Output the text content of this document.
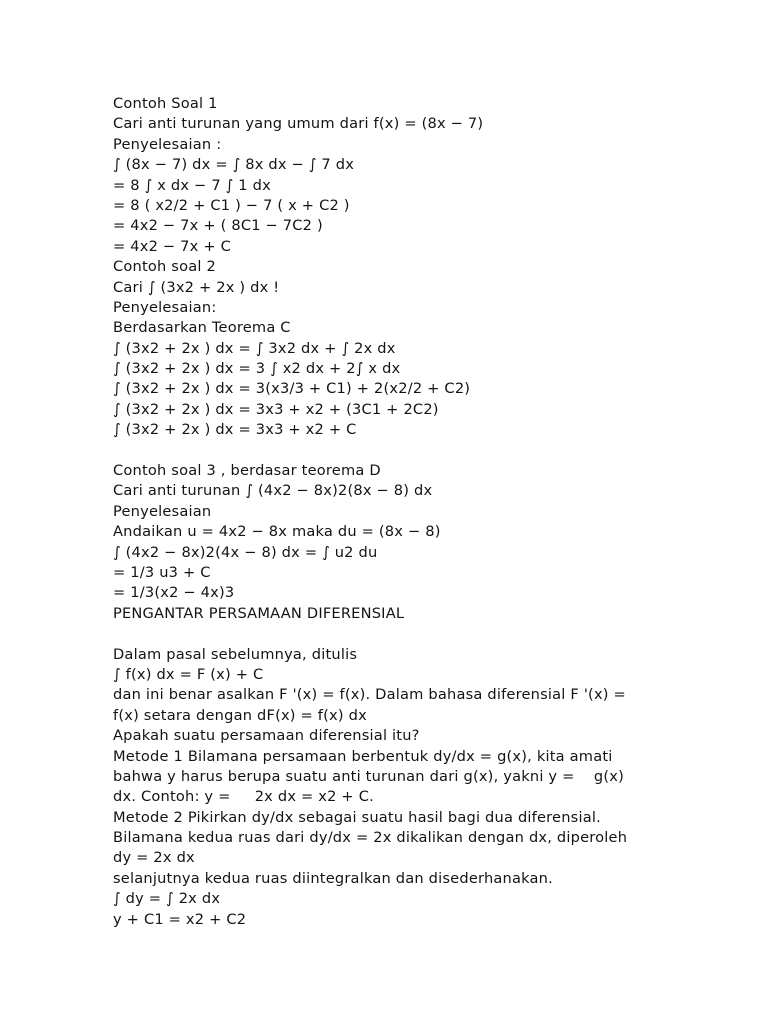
Contoh Soal 1
Cari anti turunan yang umum dari f(x) = (8x − 7)
Penyelesaian :
∫ (8x − 7) dx = ∫ 8x dx − ∫ 7 dx
= 8 ∫ x dx − 7 ∫ 1 dx
= 8 ( x2/2 + C1 ) − 7 ( x + C2 )
= 4x2 − 7x + ( 8C1 − 7C2 )
= 4x2 − 7x + C
Contoh soal 2
Cari ∫ (3x2 + 2x ) dx !
Penyelesaian:
Berdasarkan Teorema C
∫ (3x2 + 2x ) dx = ∫ 3x2 dx + ∫ 2x dx
∫ (3x2 + 2x ) dx = 3 ∫ x2 dx + 2∫ x dx
∫ (3x2 + 2x ) dx = 3(x3/3 + C1) + 2(x2/2 + C2)
∫ (3x2 + 2x ) dx = 3x3 + x2 + (3C1 + 2C2)
∫ (3x2 + 2x ) dx = 3x3 + x2 + C
Contoh soal 3 , berdasar teorema D
Cari anti turunan ∫ (4x2 − 8x)2(8x − 8) dx
Penyelesaian
Andaikan u = 4x2 − 8x maka du = (8x − 8)
∫ (4x2 − 8x)2(4x − 8) dx = ∫ u2 du
= 1/3 u3 + C
= 1/3(x2 − 4x)3
PENGANTAR PERSAMAAN DIFERENSIAL
Dalam pasal sebelumnya, ditulis
∫ f(x) dx = F (x) + C
dan ini benar asalkan F '(x) = f(x). Dalam bahasa diferensial F '(x) =
f(x) setara dengan dF(x) = f(x) dx
Apakah suatu persamaan diferensial itu?
Metode 1 Bilamana persamaan berbentuk dy/dx = g(x), kita amati
bahwa y harus berupa suatu anti turunan dari g(x), yakni y =    g(x)
dx. Contoh: y =     2x dx = x2 + C.
Metode 2 Pikirkan dy/dx sebagai suatu hasil bagi dua diferensial.
Bilamana kedua ruas dari dy/dx = 2x dikalikan dengan dx, diperoleh
dy = 2x dx
selanjutnya kedua ruas diintegralkan dan disederhanakan.
∫ dy = ∫ 2x dx
y + C1 = x2 + C2
